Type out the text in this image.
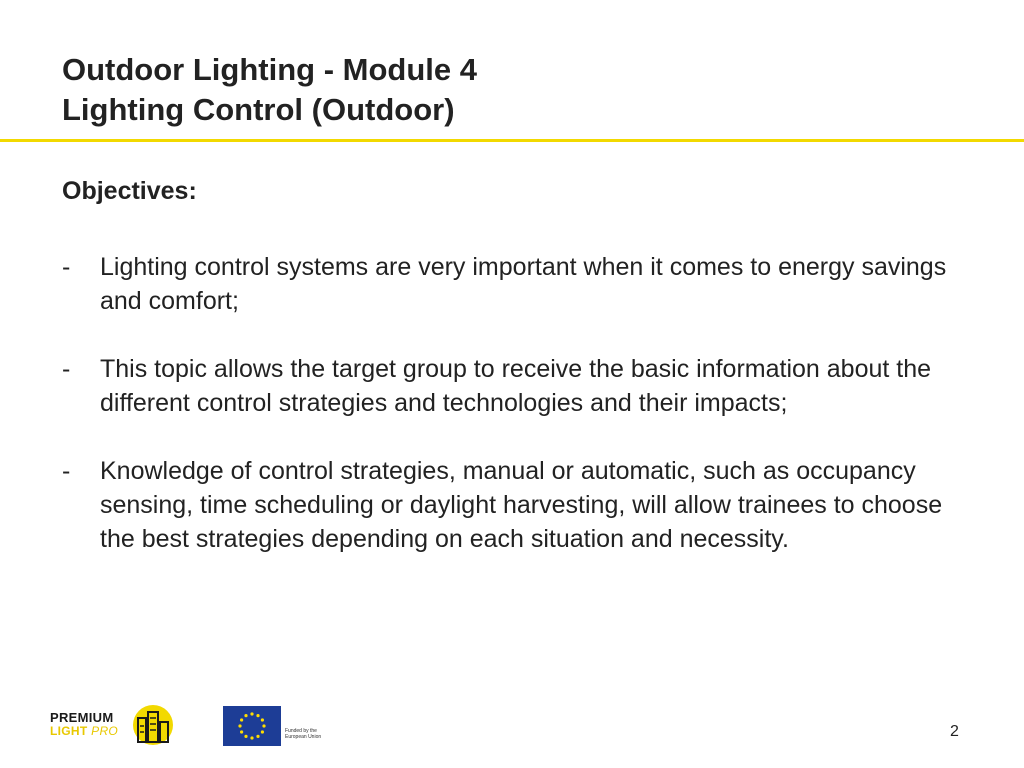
Outdoor Lighting - Module 4
Lighting Control (Outdoor)
Objectives:
-	Lighting control systems are very important when it comes to energy savings and comfort;
-	This topic allows the target group to receive the basic information about the different control strategies and technologies and their impacts;
-	Knowledge of control strategies, manual or automatic, such as occupancy sensing, time scheduling or daylight harvesting, will allow trainees to choose the best strategies depending on each situation and necessity.
PREMIUM
LIGHT PRO	Funded by the European Union	2
